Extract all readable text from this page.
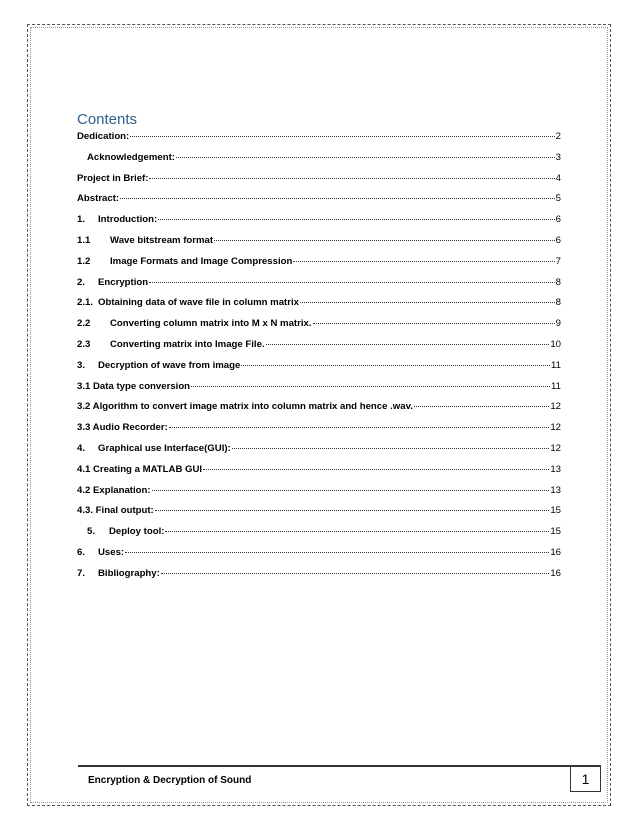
Contents
Dedication:	2
Acknowledgement:	3
Project in Brief:	4
Abstract:	5
1.	Introduction:	6
1.1	Wave bitstream format	6
1.2	Image Formats and Image Compression	7
2.	Encryption	8
2.1. Obtaining data of wave file in column matrix	8
2.2	Converting column matrix into M x N matrix.	9
2.3	Converting matrix into Image File.	10
3.	Decryption of wave from image	11
3.1 Data type conversion	11
3.2 Algorithm to convert image matrix into column matrix and hence .wav.	12
3.3 Audio Recorder:	12
4.	Graphical use Interface(GUI):	12
4.1 Creating a MATLAB GUI	13
4.2 Explanation:	13
4.3. Final output:	15
5.	Deploy tool:	15
6.	Uses:	16
7.	Bibliography:	16
Encryption & Decryption of Sound	1
